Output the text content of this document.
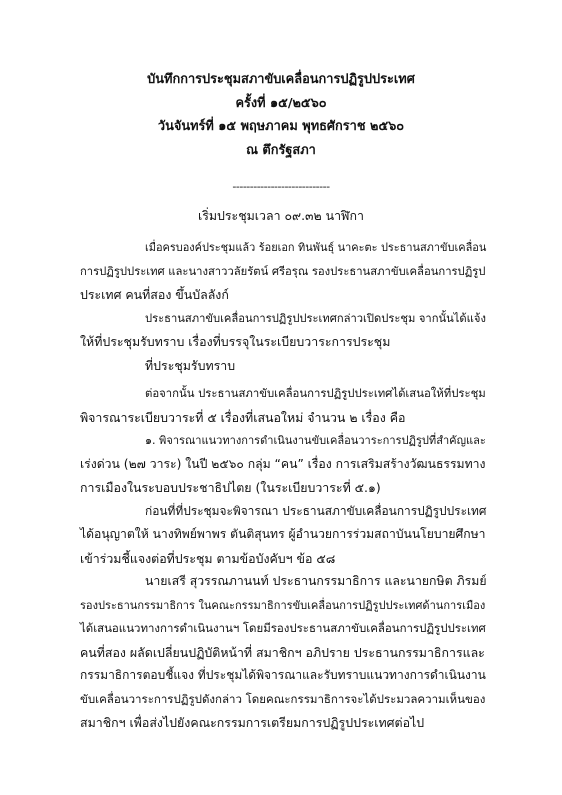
บันทึกการประชุมสภาขับเคลื่อนการปฏิรูปประเทศ
ครั้งที่ ๑๕/๒๕๖๐
วันจันทร์ที่ ๑๕ พฤษภาคม พุทธศักราช ๒๕๖๐
ณ ตึกรัฐสภา
----------------------------
เริ่มประชุมเวลา ๐๙.๓๒ นาฬิกา
เมื่อครบองค์ประชุมแล้ว ร้อยเอก ทินพันธุ์ นาคะตะ ประธานสภาขับเคลื่อน
การปฏิรูปประเทศ และนางสาววลัยรัตน์ ศรีอรุณ รองประธานสภาขับเคลื่อนการปฏิรูป
ประเทศ คนที่สอง ขึ้นบัลลังก์
ประธานสภาขับเคลื่อนการปฏิรูปประเทศกล่าวเปิดประชุม จากนั้นได้แจ้ง
ให้ที่ประชุมรับทราบ เรื่องที่บรรจุในระเบียบวาระการประชุม
ที่ประชุมรับทราบ
ต่อจากนั้น ประธานสภาขับเคลื่อนการปฏิรูปประเทศได้เสนอให้ที่ประชุม
พิจารณาระเบียบวาระที่ ๕ เรื่องที่เสนอใหม่ จำนวน ๒ เรื่อง คือ
๑. พิจารณาแนวทางการดำเนินงานขับเคลื่อนวาระการปฏิรูปที่สำคัญและ
เร่งด่วน (๒๗ วาระ) ในปี ๒๕๖๐ กลุ่ม “คน” เรื่อง การเสริมสร้างวัฒนธรรมทาง
การเมืองในระบอบประชาธิปไตย (ในระเบียบวาระที่ ๕.๑)
ก่อนที่ที่ประชุมจะพิจารณา ประธานสภาขับเคลื่อนการปฏิรูปประเทศ
ได้อนุญาตให้ นางทิพย์พาพร ตันติสุนทร ผู้อำนวยการร่วมสถาบันนโยบายศึกษา
เข้าร่วมชี้แจงต่อที่ประชุม ตามข้อบังคับฯ ข้อ ๕๘
นายเสรี สุวรรณภานนท์ ประธานกรรมาธิการ และนายกษิต ภิรมย์
รองประธานกรรมาธิการ ในคณะกรรมาธิการขับเคลื่อนการปฏิรูปประเทศด้านการเมือง
ได้เสนอแนวทางการดำเนินงานฯ โดยมีรองประธานสภาขับเคลื่อนการปฏิรูปประเทศ
คนที่สอง ผลัดเปลี่ยนปฏิบัติหน้าที่ สมาชิกฯ อภิปราย ประธานกรรมาธิการและ
กรรมาธิการตอบชี้แจง ที่ประชุมได้พิจารณาและรับทราบแนวทางการดำเนินงาน
ขับเคลื่อนวาระการปฏิรูปดังกล่าว โดยคณะกรรมาธิการจะได้ประมวลความเห็นของ
สมาชิกฯ เพื่อส่งไปยังคณะกรรมการเตรียมการปฏิรูปประเทศต่อไป
